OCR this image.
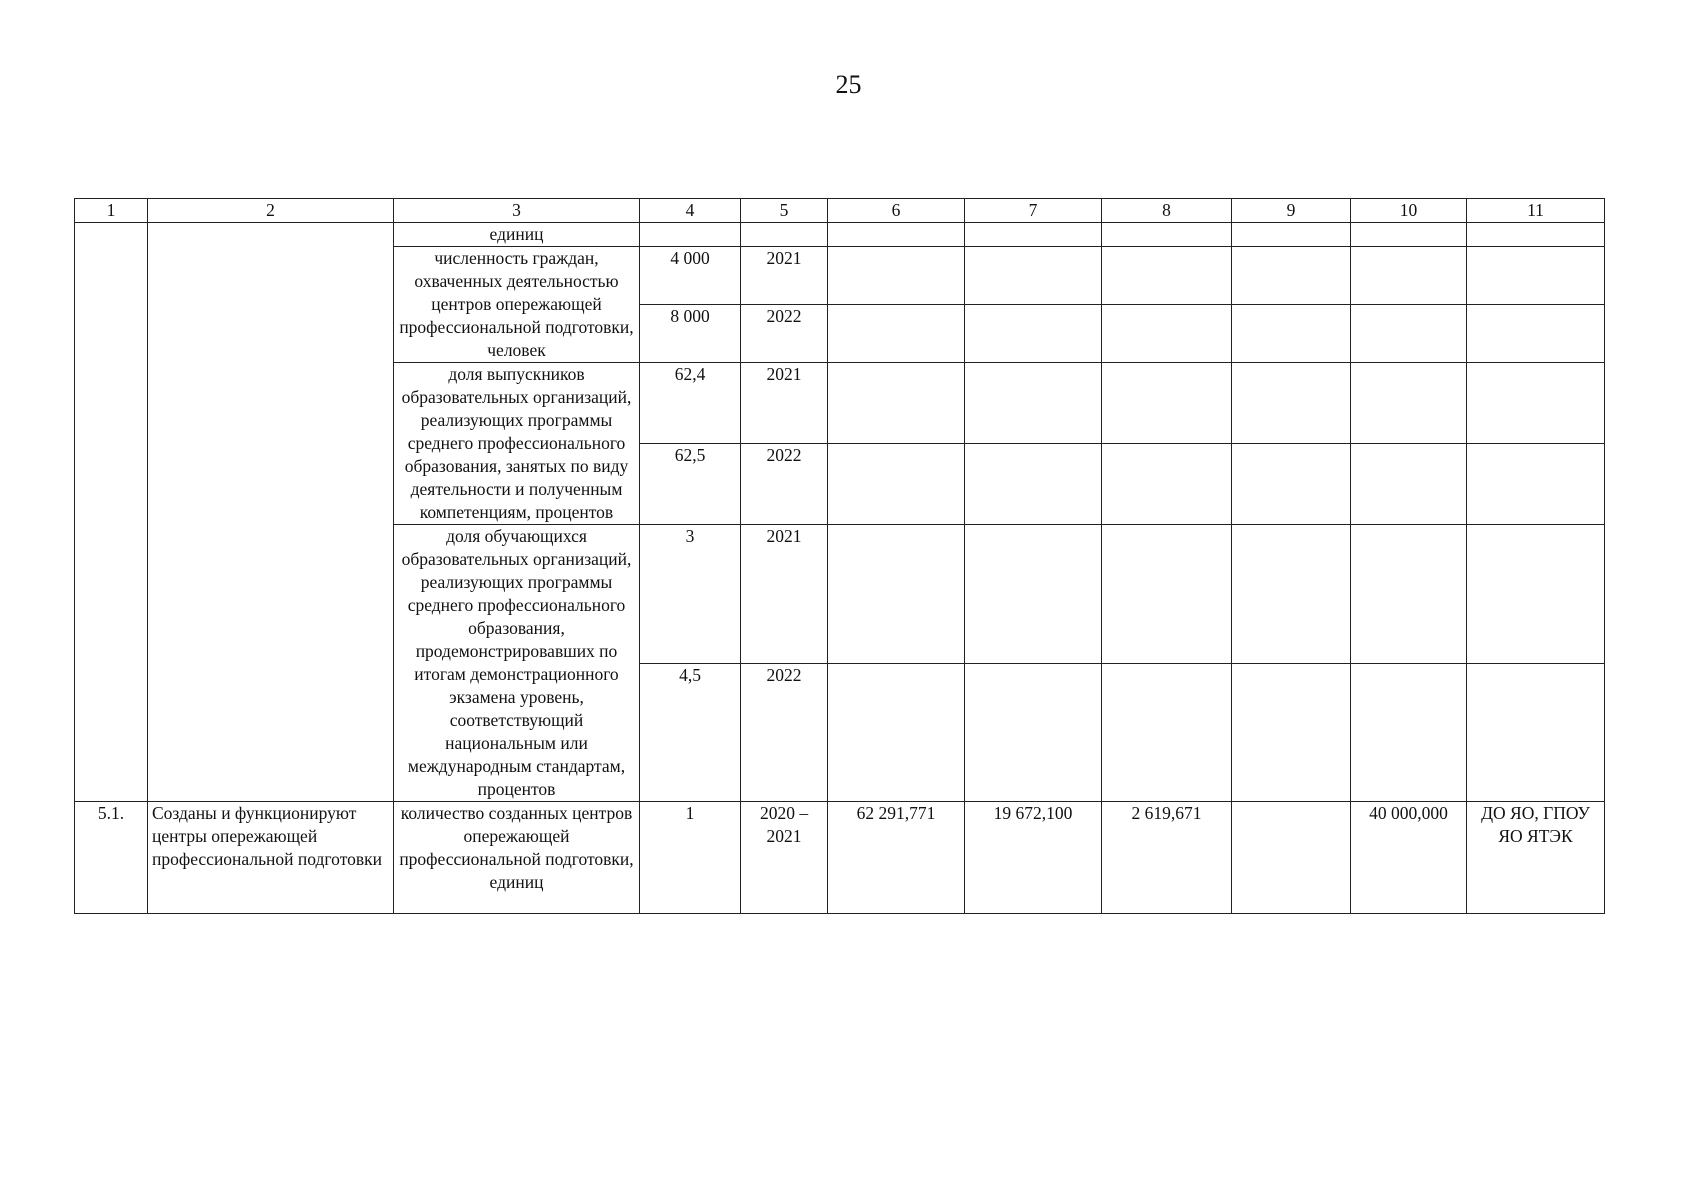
25
1	2	3	4	5	6	7	8	9	10	11
		единиц								
		численность граждан, охваченных деятельностью центров опережающей профессиональной подготовки, человек	4 000	2021						
			8 000	2022						
		доля выпускников образовательных организаций, реализующих программы среднего профессионального образования, занятых по виду деятельности и полученным компетенциям, процентов	62,4	2021						
			62,5	2022						
		доля обучающихся образовательных организаций, реализующих программы среднего профессионального образования, продемонстрировавших по итогам демонстрационного экзамена уровень, соответствующий национальным или международным стандартам, процентов	3	2021						
			4,5	2022						
5.1.	Созданы и функционируют центры опережающей профессиональной подготовки	количество созданных центров опережающей профессиональной подготовки, единиц	1	2020 – 2021	62 291,771	19 672,100	2 619,671		40 000,000	ДО ЯО, ГПОУ ЯО ЯТЭК
